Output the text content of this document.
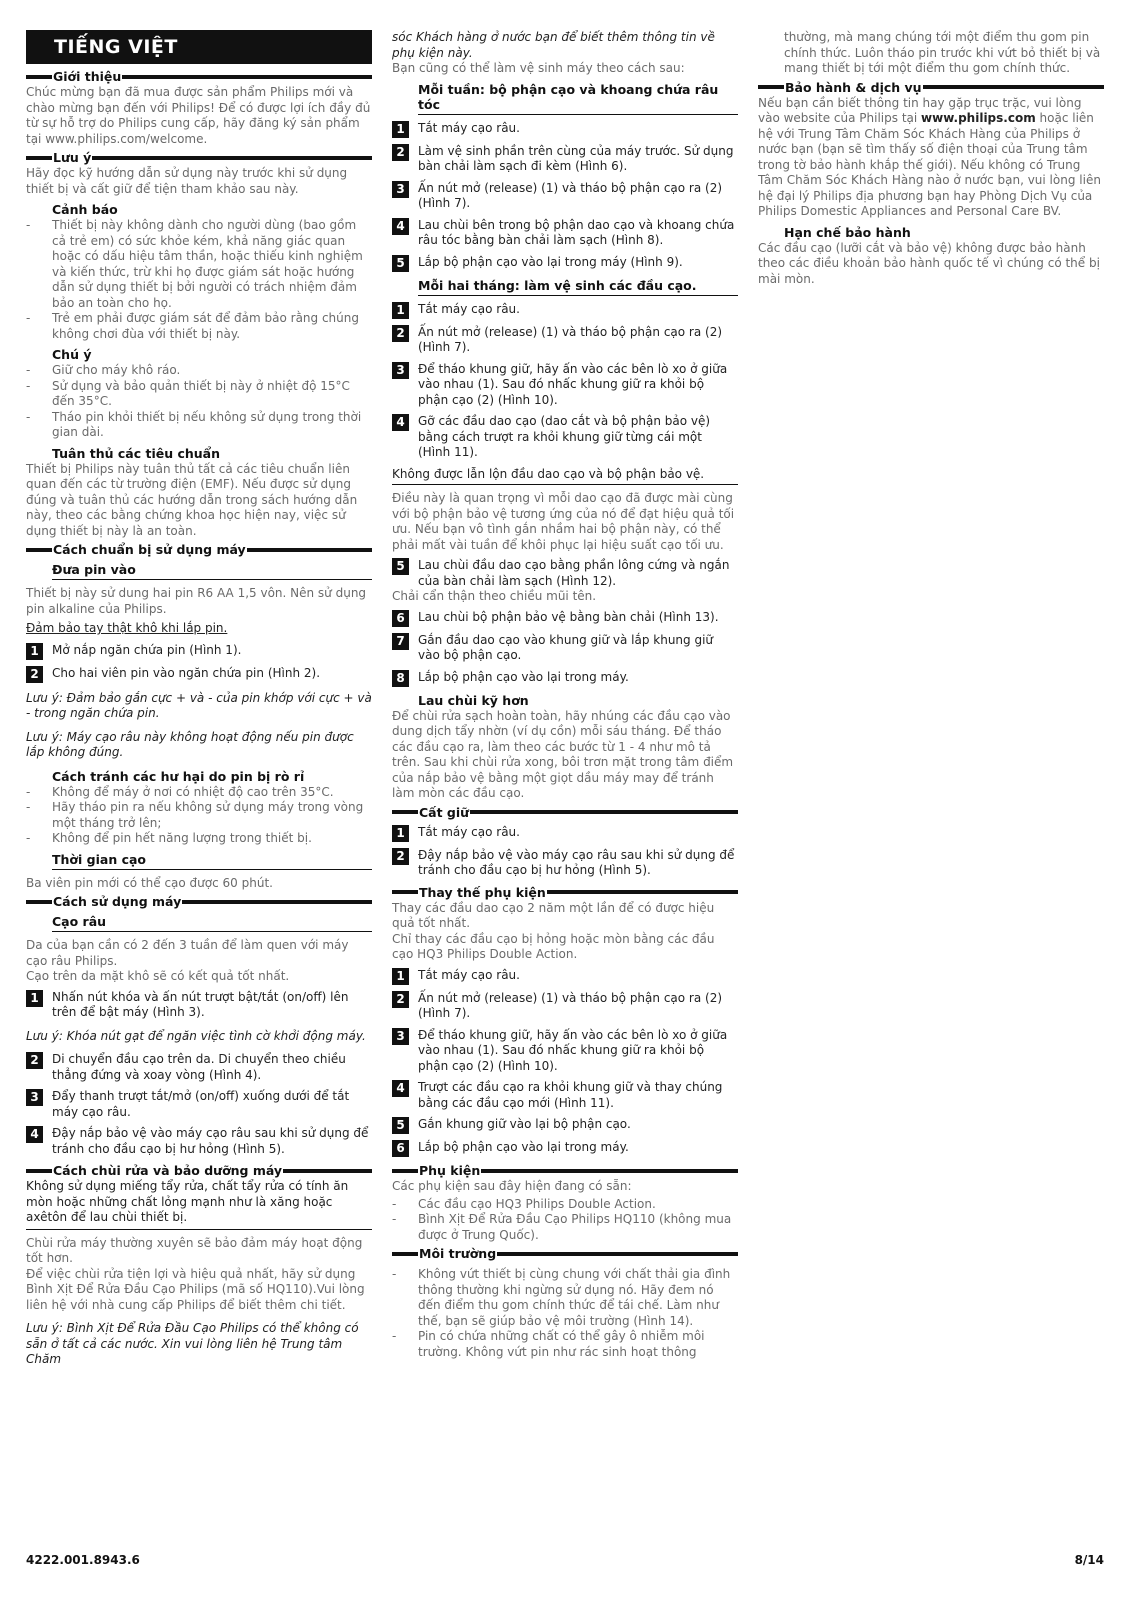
TIẾNG VIỆT
Giới thiệu

Chúc mừng bạn đã mua được sản phẩm Philips mới và chào mừng bạn đến với Philips! Để có được lợi ích đầy đủ từ sự hỗ trợ do Philips cung cấp, hãy đăng ký sản phẩm tại www.philips.com/welcome.

Lưu ý

Hãy đọc kỹ hướng dẫn sử dụng này trước khi sử dụng thiết bị và cất giữ để tiện tham khảo sau này.

Cảnh báo
- Thiết bị này không dành cho người dùng (bao gồm cả trẻ em) có sức khỏe kém, khả năng giác quan hoặc có dấu hiệu tâm thần, hoặc thiếu kinh nghiệm và kiến thức, trừ khi họ được giám sát hoặc hướng dẫn sử dụng thiết bị bởi người có trách nhiệm đảm bảo an toàn cho họ.
- Trẻ em phải được giám sát để đảm bảo rằng chúng không chơi đùa với thiết bị này.
Chú ý
- Giữ cho máy khô ráo.
- Sử dụng và bảo quản thiết bị này ở nhiệt độ 15°C đến 35°C.
- Tháo pin khỏi thiết bị nếu không sử dụng trong thời gian dài.
Tuân thủ các tiêu chuẩn

Thiết bị Philips này tuân thủ tất cả các tiêu chuẩn liên quan đến các từ trường điện (EMF). Nếu được sử dụng đúng và tuân thủ các hướng dẫn trong sách hướng dẫn này, theo các bằng chứng khoa học hiện nay, việc sử dụng thiết bị này là an toàn.

Cách chuẩn bị sử dụng máy
Đưa pin vào

Thiết bị này sử dung hai pin R6 AA 1,5 vôn. Nên sử dụng pin alkaline của Philips.

Đảm bảo tay thật khô khi lắp pin.

1	Mở nắp ngăn chứa pin (Hình 1).
2	Cho hai viên pin vào ngăn chứa pin (Hình 2).

Lưu ý: Đảm bảo gắn cực + và - của pin khớp với cực + và - trong ngăn chứa pin.

Lưu ý: Máy cạo râu này không hoạt động nếu pin được lắp không đúng.

Cách tránh các hư hại do pin bị rò rỉ
- Không để máy ở nơi có nhiệt độ cao trên 35°C.
- Hãy tháo pin ra nếu không sử dụng máy trong vòng một tháng trở lên;
- Không để pin hết năng lượng trong thiết bị.
Thời gian cạo

Ba viên pin mới có thể cạo được 60 phút.

Cách sử dụng máy
Cạo râu

Da của bạn cần có 2 đến 3 tuần để làm quen với máy cạo râu Philips.
Cạo trên da mặt khô sẽ có kết quả tốt nhất.

1	Nhấn nút khóa và ấn nút trượt bật/tắt (on/off) lên trên để bật máy (Hình 3).

Lưu ý: Khóa nút gạt để ngăn việc tình cờ khởi động máy.

2	Di chuyển đầu cạo trên da. Di chuyển theo chiều thẳng đứng và xoay vòng (Hình 4).
3	Đẩy thanh trượt tắt/mở (on/off) xuống dưới để tắt máy cạo râu.
4	Đậy nắp bảo vệ vào máy cạo râu sau khi sử dụng để tránh cho đầu cạo bị hư hỏng (Hình 5).
Cách chùi rửa và bảo dưỡng máy

Không sử dụng miếng tẩy rửa, chất tẩy rửa có tính ăn mòn hoặc những chất lỏng mạnh như là xăng hoặc axêtôn để lau chùi thiết bị.

Chùi rửa máy thường xuyên sẽ bảo đảm máy hoạt động tốt hơn.
Để việc chùi rửa tiện lợi và hiệu quả nhất, hãy sử dụng Bình Xịt Để Rửa Đầu Cạo Philips (mã số HQ110).Vui lòng liên hệ với nhà cung cấp Philips để biết thêm chi tiết.

Lưu ý: Bình Xịt Để Rửa Đầu Cạo Philips có thể không có sẵn ở tất cả các nước. Xin vui lòng liên hệ Trung tâm Chăm

sóc Khách hàng ở nước bạn để biết thêm thông tin về phụ kiện này.

Bạn cũng có thể làm vệ sinh máy theo cách sau:

Mỗi tuần: bộ phận cạo và khoang chứa râu tóc
1	Tắt máy cạo râu.
2	Làm vệ sinh phần trên cùng của máy trước. Sử dụng bàn chải làm sạch đi kèm (Hình 6).
3	Ấn nút mở (release) (1) và tháo bộ phận cạo ra (2) (Hình 7).
4	Lau chùi bên trong bộ phận dao cạo và khoang chứa râu tóc bằng bàn chải làm sạch (Hình 8).
5	Lắp bộ phận cạo vào lại trong máy (Hình 9).
Mỗi hai tháng: làm vệ sinh các đầu cạo.
1	Tắt máy cạo râu.
2	Ấn nút mở (release) (1) và tháo bộ phận cạo ra (2) (Hình 7).
3	Để tháo khung giữ, hãy ấn vào các bên lò xo ở giữa vào nhau (1). Sau đó nhấc khung giữ ra khỏi bộ phận cạo (2) (Hình 10).
4	Gỡ các đầu dao cạo (dao cắt và bộ phận bảo vệ) bằng cách trượt ra khỏi khung giữ từng cái một (Hình 11).

Không được lẫn lộn đầu dao cạo và bộ phận bảo vệ.

Điều này là quan trọng vì mỗi dao cạo đã được mài cùng với bộ phận bảo vệ tương ứng của nó để đạt hiệu quả tối ưu. Nếu bạn vô tình gắn nhầm hai bộ phận này, có thể phải mất vài tuần để khôi phục lại hiệu suất cạo tối ưu.

5	Lau chùi đầu dao cạo bằng phần lông cứng và ngắn của bàn chải làm sạch (Hình 12).

Chải cẩn thận theo chiều mũi tên.

6	Lau chùi bộ phận bảo vệ bằng bàn chải (Hình 13).
7	Gắn đầu dao cạo vào khung giữ và lắp khung giữ vào bộ phận cạo.
8	Lắp bộ phận cạo vào lại trong máy.
Lau chùi kỹ hơn

Để chùi rửa sạch hoàn toàn, hãy nhúng các đầu cạo vào dung dịch tẩy nhờn (ví dụ cồn) mỗi sáu tháng. Để tháo các đầu cạo ra, làm theo các bước từ 1 - 4 như mô tả trên. Sau khi chùi rửa xong, bôi trơn mặt trong tâm điểm của nắp bảo vệ bằng một giọt dầu máy may để tránh làm mòn các đầu cạo.

Cất giữ
1	Tắt máy cạo râu.
2	Đậy nắp bảo vệ vào máy cạo râu sau khi sử dụng để tránh cho đầu cạo bị hư hỏng (Hình 5).
Thay thế phụ kiện

Thay các đầu dao cạo 2 năm một lần để có được hiệu quả tốt nhất.
Chỉ thay các đầu cạo bị hỏng hoặc mòn bằng các đầu cạo HQ3 Philips Double Action.

1	Tắt máy cạo râu.
2	Ấn nút mở (release) (1) và tháo bộ phận cạo ra (2) (Hình 7).
3	Để tháo khung giữ, hãy ấn vào các bên lò xo ở giữa vào nhau (1). Sau đó nhấc khung giữ ra khỏi bộ phận cạo (2) (Hình 10).
4	Trượt các đầu cạo ra khỏi khung giữ và thay chúng bằng các đầu cạo mới (Hình 11).
5	Gắn khung giữ vào lại bộ phận cạo.
6	Lắp bộ phận cạo vào lại trong máy.
Phụ kiện

Các phụ kiện sau đây hiện đang có sẵn:

- Các đầu cạo HQ3 Philips Double Action.
- Bình Xịt Để Rửa Đầu Cạo Philips HQ110 (không mua được ở Trung Quốc).
Môi trường
- Không vứt thiết bị cùng chung với chất thải gia đình thông thường khi ngừng sử dụng nó. Hãy đem nó đến điểm thu gom chính thức để tái chế. Làm như thế, bạn sẽ giúp bảo vệ môi trường (Hình 14).
- Pin có chứa những chất có thể gây ô nhiễm môi trường. Không vứt pin như rác sinh hoạt thông

thường, mà mang chúng tới một điểm thu gom pin chính thức. Luôn tháo pin trước khi vứt bỏ thiết bị và mang thiết bị tới một điểm thu gom chính thức.

Bảo hành & dịch vụ

Nếu bạn cần biết thông tin hay gặp trục trặc, vui lòng vào website của Philips tại www.philips.com hoặc liên hệ với Trung Tâm Chăm Sóc Khách Hàng của Philips ở nước bạn (bạn sẽ tìm thấy số điện thoại của Trung tâm trong tờ bảo hành khắp thế giới). Nếu không có Trung Tâm Chăm Sóc Khách Hàng nào ở nước bạn, vui lòng liên hệ đại lý Philips địa phương bạn hay Phòng Dịch Vụ của Philips Domestic Appliances and Personal Care BV.

Hạn chế bảo hành

Các đầu cạo (lưỡi cắt và bảo vệ) không được bảo hành theo các điều khoản bảo hành quốc tế vì chúng có thể bị mài mòn.

4222.001.8943.6	8/14
